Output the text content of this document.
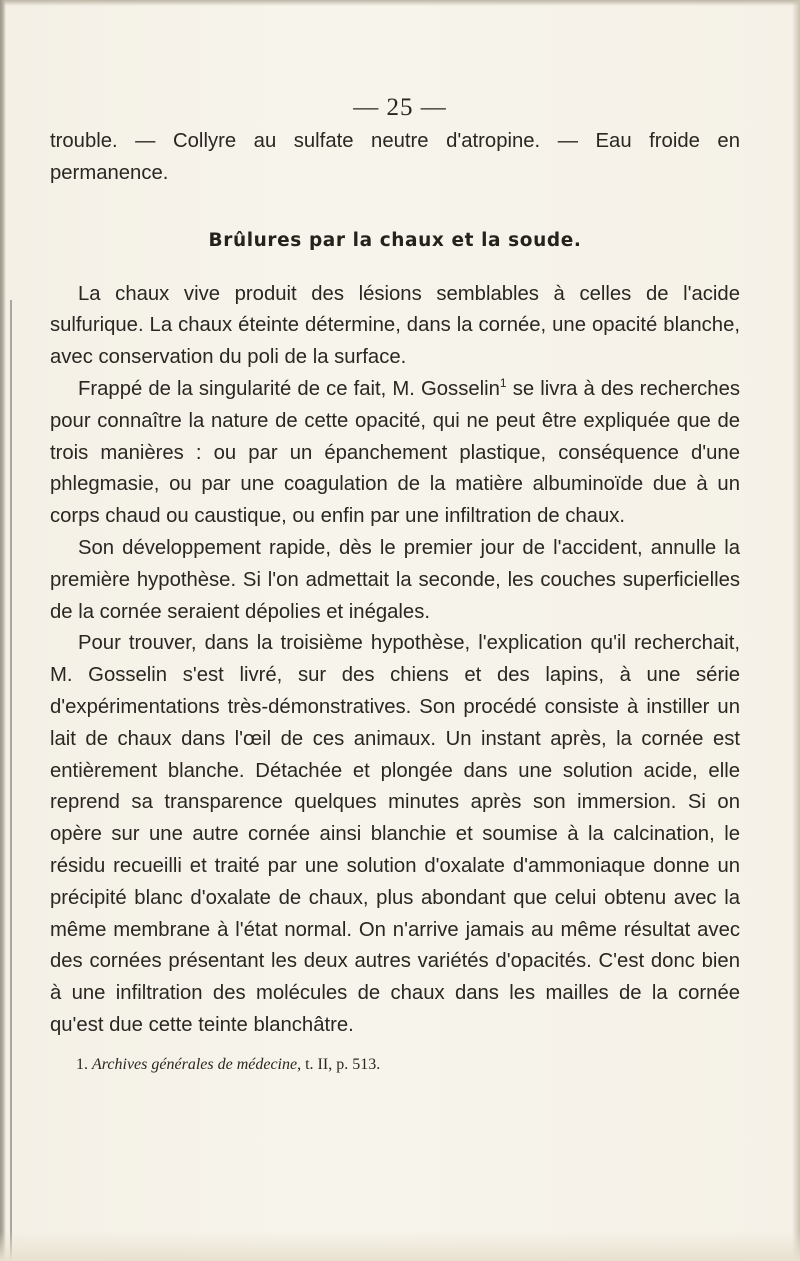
— 25 —

trouble. — Collyre au sulfate neutre d'atropine. — Eau froide en permanence.

Brûlures par la chaux et la soude.

La chaux vive produit des lésions semblables à celles de l'acide sulfurique. La chaux éteinte détermine, dans la cornée, une opacité blanche, avec conservation du poli de la surface.

Frappé de la singularité de ce fait, M. Gosselin$^1$ se livra à des recherches pour connaître la nature de cette opacité, qui ne peut être expliquée que de trois manières : ou par un épanchement plastique, conséquence d'une phlegmasie, ou par une coagulation de la matière albuminoïde due à un corps chaud ou caustique, ou enfin par une infiltration de chaux.

Son développement rapide, dès le premier jour de l'accident, annulle la première hypothèse. Si l'on admettait la seconde, les couches superficielles de la cornée seraient dépolies et inégales.

Pour trouver, dans la troisième hypothèse, l'explication qu'il recherchait, M. Gosselin s'est livré, sur des chiens et des lapins, à une série d'expérimentations très-démonstratives. Son procédé consiste à instiller un lait de chaux dans l'œil de ces animaux. Un instant après, la cornée est entièrement blanche. Détachée et plongée dans une solution acide, elle reprend sa transparence quelques minutes après son immersion. Si on opère sur une autre cornée ainsi blanchie et soumise à la calcination, le résidu recueilli et traité par une solution d'oxalate d'ammoniaque donne un précipité blanc d'oxalate de chaux, plus abondant que celui obtenu avec la même membrane à l'état normal. On n'arrive jamais au même résultat avec des cornées présentant les deux autres variétés d'opacités. C'est donc bien à une infiltration des molécules de chaux dans les mailles de la cornée qu'est due cette teinte blanchâtre.

1. Archives générales de médecine, t. II, p. 513.
